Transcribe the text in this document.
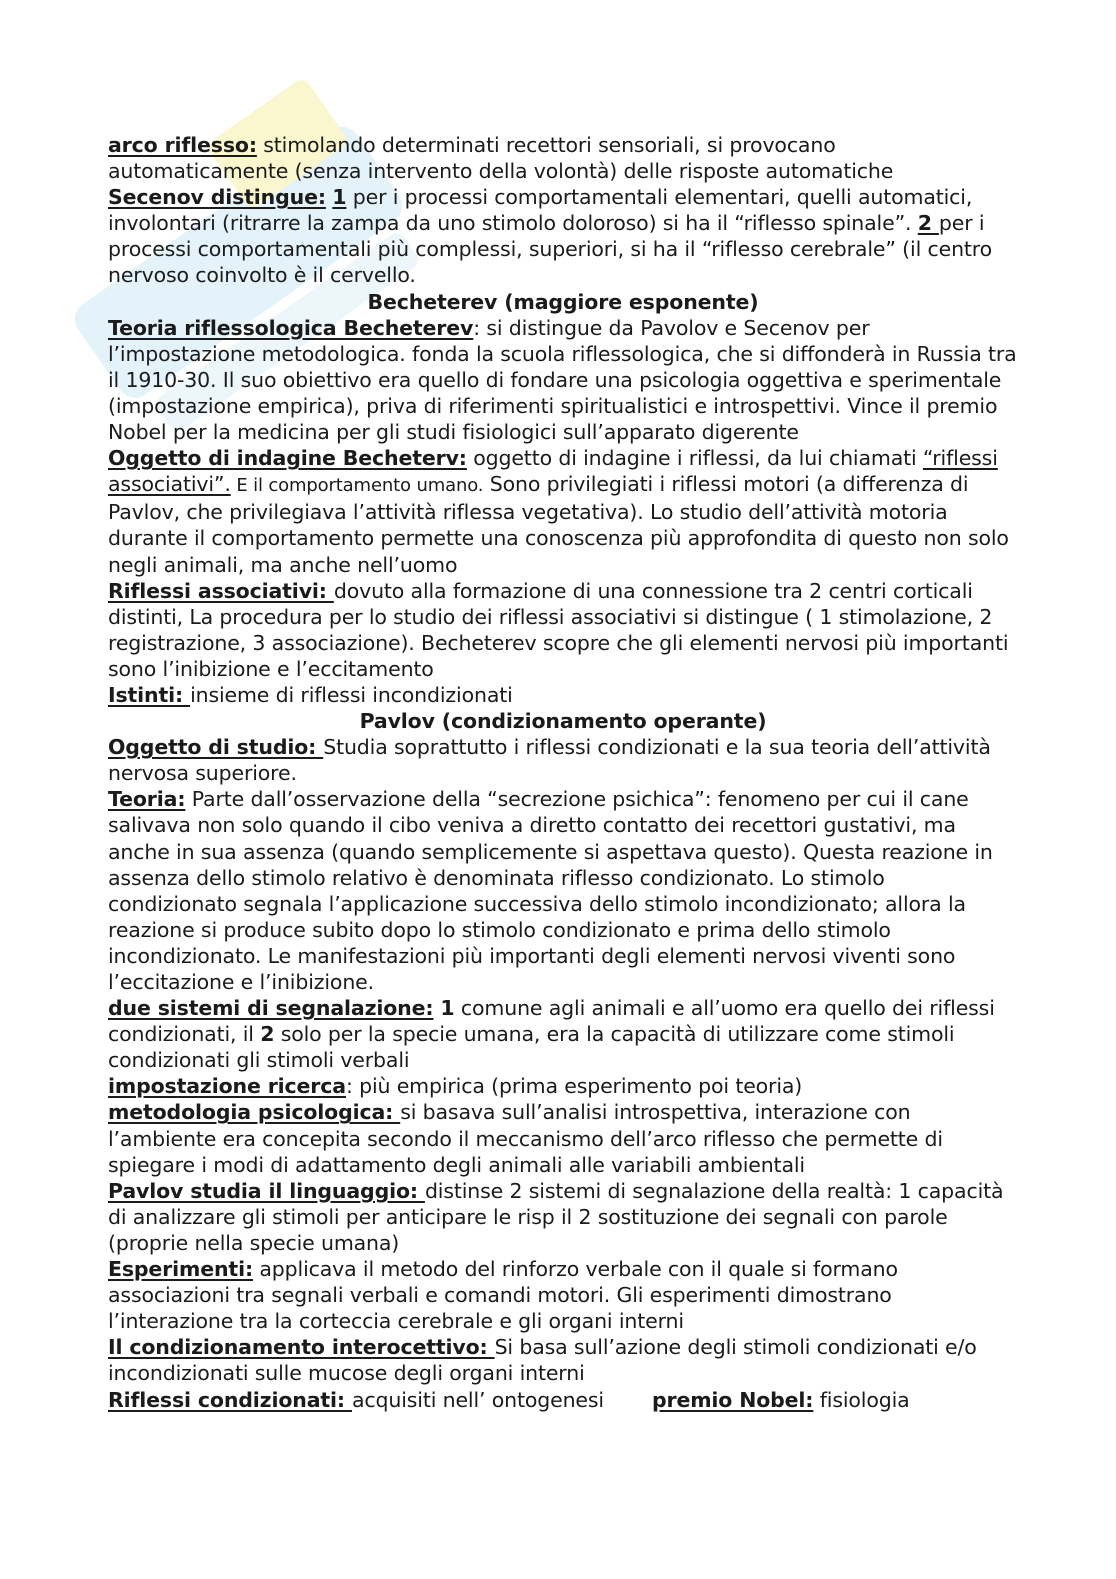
arco riflesso: stimolando determinati recettori sensoriali, si provocano automaticamente (senza intervento della volontà) delle risposte automatiche

Secenov distingue: 1 per i processi comportamentali elementari, quelli automatici, involontari (ritrarre la zampa da uno stimolo doloroso) si ha il “riflesso spinale”. 2 per i processi comportamentali più complessi, superiori, si ha il “riflesso cerebrale” (il centro nervoso coinvolto è il cervello.

Becheterev (maggiore esponente)

Teoria riflessologica Becheterev: si distingue da Pavolov e Secenov per l’impostazione metodologica. fonda la scuola riflessologica, che si diffonderà in Russia tra il 1910-30. Il suo obiettivo era quello di fondare una psicologia oggettiva e sperimentale (impostazione empirica), priva di riferimenti spiritualistici e introspettivi. Vince il premio Nobel per la medicina per gli studi fisiologici sull’apparato digerente

Oggetto di indagine Becheterv: oggetto di indagine i riflessi, da lui chiamati “riflessi associativi”. E il comportamento umano. Sono privilegiati i riflessi motori (a differenza di Pavlov, che privilegiava l’attività riflessa vegetativa). Lo studio dell’attività motoria durante il comportamento permette una conoscenza più approfondita di questo non solo negli animali, ma anche nell’uomo

Riflessi associativi: dovuto alla formazione di una connessione tra 2 centri corticali distinti, La procedura per lo studio dei riflessi associativi si distingue ( 1 stimolazione, 2 registrazione, 3 associazione). Becheterev scopre che gli elementi nervosi più importanti sono l’inibizione e l’eccitamento

Istinti: insieme di riflessi incondizionati

Pavlov (condizionamento operante)

Oggetto di studio: Studia soprattutto i riflessi condizionati e la sua teoria dell’attività nervosa superiore.

Teoria: Parte dall’osservazione della “secrezione psichica”: fenomeno per cui il cane salivava non solo quando il cibo veniva a diretto contatto dei recettori gustativi, ma anche in sua assenza (quando semplicemente si aspettava questo). Questa reazione in assenza dello stimolo relativo è denominata riflesso condizionato. Lo stimolo condizionato segnala l’applicazione successiva dello stimolo incondizionato; allora la reazione si produce subito dopo lo stimolo condizionato e prima dello stimolo incondizionato. Le manifestazioni più importanti degli elementi nervosi viventi sono l’eccitazione e l’inibizione.

due sistemi di segnalazione: 1 comune agli animali e all’uomo era quello dei riflessi condizionati, il 2 solo per la specie umana, era la capacità di utilizzare come stimoli condizionati gli stimoli verbali

impostazione ricerca: più empirica (prima esperimento poi teoria)

metodologia psicologica: si basava sull’analisi introspettiva, interazione con l’ambiente era concepita secondo il meccanismo dell’arco riflesso che permette di spiegare i modi di adattamento degli animali alle variabili ambientali

Pavlov studia il linguaggio: distinse 2 sistemi di segnalazione della realtà: 1 capacità di analizzare gli stimoli per anticipare le risp il 2 sostituzione dei segnali con parole (proprie nella specie umana)

Esperimenti: applicava il metodo del rinforzo verbale con il quale si formano associazioni tra segnali verbali e comandi motori. Gli esperimenti dimostrano l’interazione tra la corteccia cerebrale e gli organi interni

Il condizionamento interocettivo: Si basa sull’azione degli stimoli condizionati e/o incondizionati sulle mucose degli organi interni

Riflessi condizionati: acquisiti nell’ ontogenesi premio Nobel: fisiologia
